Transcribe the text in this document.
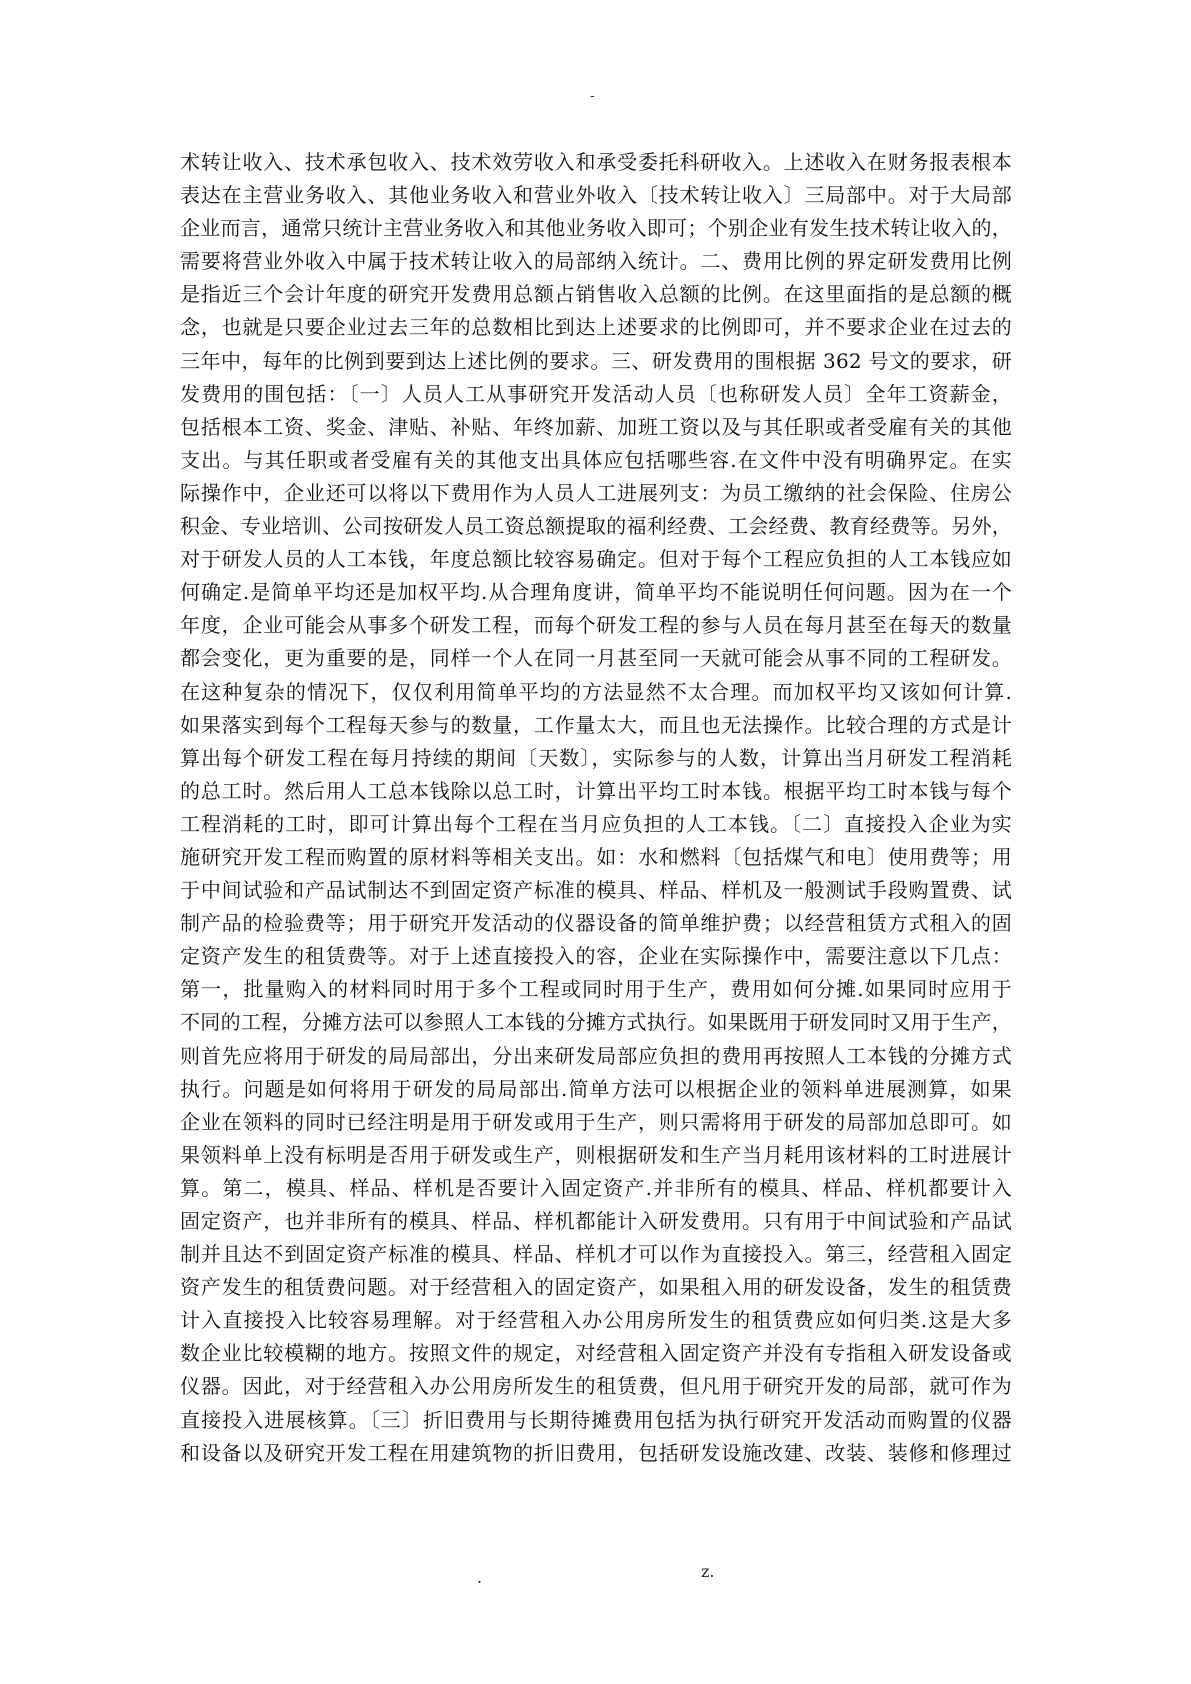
-
术转让收入、技术承包收入、技术效劳收入和承受委托科研收入。上述收入在财务报表根本
表达在主营业务收入、其他业务收入和营业外收入〔技术转让收入〕三局部中。对于大局部
企业而言，通常只统计主营业务收入和其他业务收入即可；个别企业有发生技术转让收入的，
需要将营业外收入中属于技术转让收入的局部纳入统计。二、费用比例的界定研发费用比例
是指近三个会计年度的研究开发费用总额占销售收入总额的比例。在这里面指的是总额的概
念，也就是只要企业过去三年的总数相比到达上述要求的比例即可，并不要求企业在过去的
三年中，每年的比例到要到达上述比例的要求。三、研发费用的围根据 362 号文的要求，研
发费用的围包括：〔一〕人员人工从事研究开发活动人员〔也称研发人员〕全年工资薪金，
包括根本工资、奖金、津贴、补贴、年终加薪、加班工资以及与其任职或者受雇有关的其他
支出。与其任职或者受雇有关的其他支出具体应包括哪些容.在文件中没有明确界定。在实
际操作中，企业还可以将以下费用作为人员人工进展列支：为员工缴纳的社会保险、住房公
积金、专业培训、公司按研发人员工资总额提取的福利经费、工会经费、教育经费等。另外，
对于研发人员的人工本钱，年度总额比较容易确定。但对于每个工程应负担的人工本钱应如
何确定.是简单平均还是加权平均.从合理角度讲，简单平均不能说明任何问题。因为在一个
年度，企业可能会从事多个研发工程，而每个研发工程的参与人员在每月甚至在每天的数量
都会变化，更为重要的是，同样一个人在同一月甚至同一天就可能会从事不同的工程研发。
在这种复杂的情况下，仅仅利用简单平均的方法显然不太合理。而加权平均又该如何计算.
如果落实到每个工程每天参与的数量，工作量太大，而且也无法操作。比较合理的方式是计
算出每个研发工程在每月持续的期间〔天数〕，实际参与的人数，计算出当月研发工程消耗
的总工时。然后用人工总本钱除以总工时，计算出平均工时本钱。根据平均工时本钱与每个
工程消耗的工时，即可计算出每个工程在当月应负担的人工本钱。〔二〕直接投入企业为实
施研究开发工程而购置的原材料等相关支出。如：水和燃料〔包括煤气和电〕使用费等；用
于中间试验和产品试制达不到固定资产标准的模具、样品、样机及一般测试手段购置费、试
制产品的检验费等；用于研究开发活动的仪器设备的简单维护费；以经营租赁方式租入的固
定资产发生的租赁费等。对于上述直接投入的容，企业在实际操作中，需要注意以下几点：
第一，批量购入的材料同时用于多个工程或同时用于生产，费用如何分摊.如果同时应用于
不同的工程，分摊方法可以参照人工本钱的分摊方式执行。如果既用于研发同时又用于生产，
则首先应将用于研发的局局部出，分出来研发局部应负担的费用再按照人工本钱的分摊方式
执行。问题是如何将用于研发的局局部出.简单方法可以根据企业的领料单进展测算，如果
企业在领料的同时已经注明是用于研发或用于生产，则只需将用于研发的局部加总即可。如
果领料单上没有标明是否用于研发或生产，则根据研发和生产当月耗用该材料的工时进展计
算。第二，模具、样品、样机是否要计入固定资产.并非所有的模具、样品、样机都要计入
固定资产，也并非所有的模具、样品、样机都能计入研发费用。只有用于中间试验和产品试
制并且达不到固定资产标准的模具、样品、样机才可以作为直接投入。第三，经营租入固定
资产发生的租赁费问题。对于经营租入的固定资产，如果租入用的研发设备，发生的租赁费
计入直接投入比较容易理解。对于经营租入办公用房所发生的租赁费应如何归类.这是大多
数企业比较模糊的地方。按照文件的规定，对经营租入固定资产并没有专指租入研发设备或
仪器。因此，对于经营租入办公用房所发生的租赁费，但凡用于研究开发的局部，就可作为
直接投入进展核算。〔三〕折旧费用与长期待摊费用包括为执行研究开发活动而购置的仪器
和设备以及研究开发工程在用建筑物的折旧费用，包括研发设施改建、改装、装修和修理过
.	z.
